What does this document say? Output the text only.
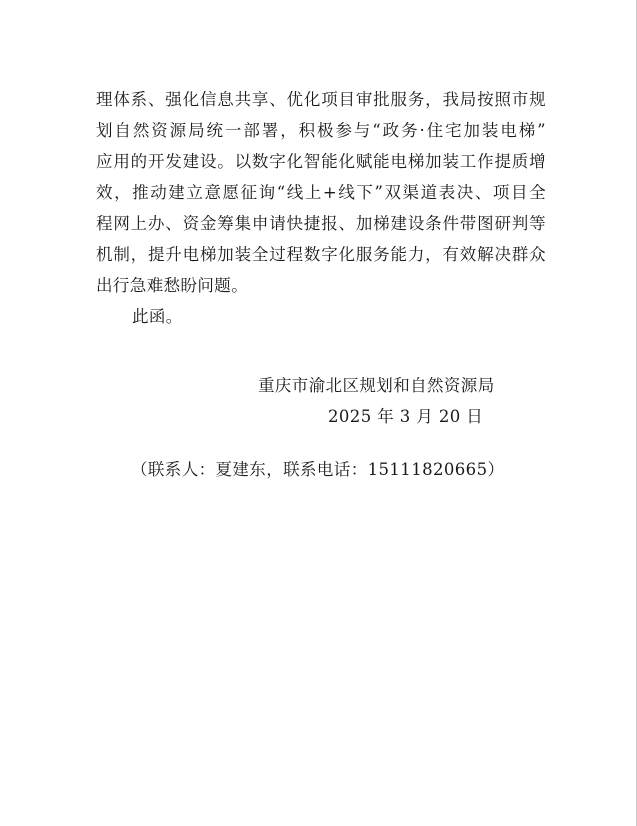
理体系、强化信息共享、优化项目审批服务，我局按照市规
划自然资源局统一部署，积极参与“政务·住宅加装电梯”
应用的开发建设。以数字化智能化赋能电梯加装工作提质增
效，推动建立意愿征询“线上+线下”双渠道表决、项目全
程网上办、资金筹集申请快捷报、加梯建设条件带图研判等
机制，提升电梯加装全过程数字化服务能力，有效解决群众
出行急难愁盼问题。
此函。
重庆市渝北区规划和自然资源局
2025 年 3 月 20 日
（联系人：夏建东，联系电话：15111820665）
